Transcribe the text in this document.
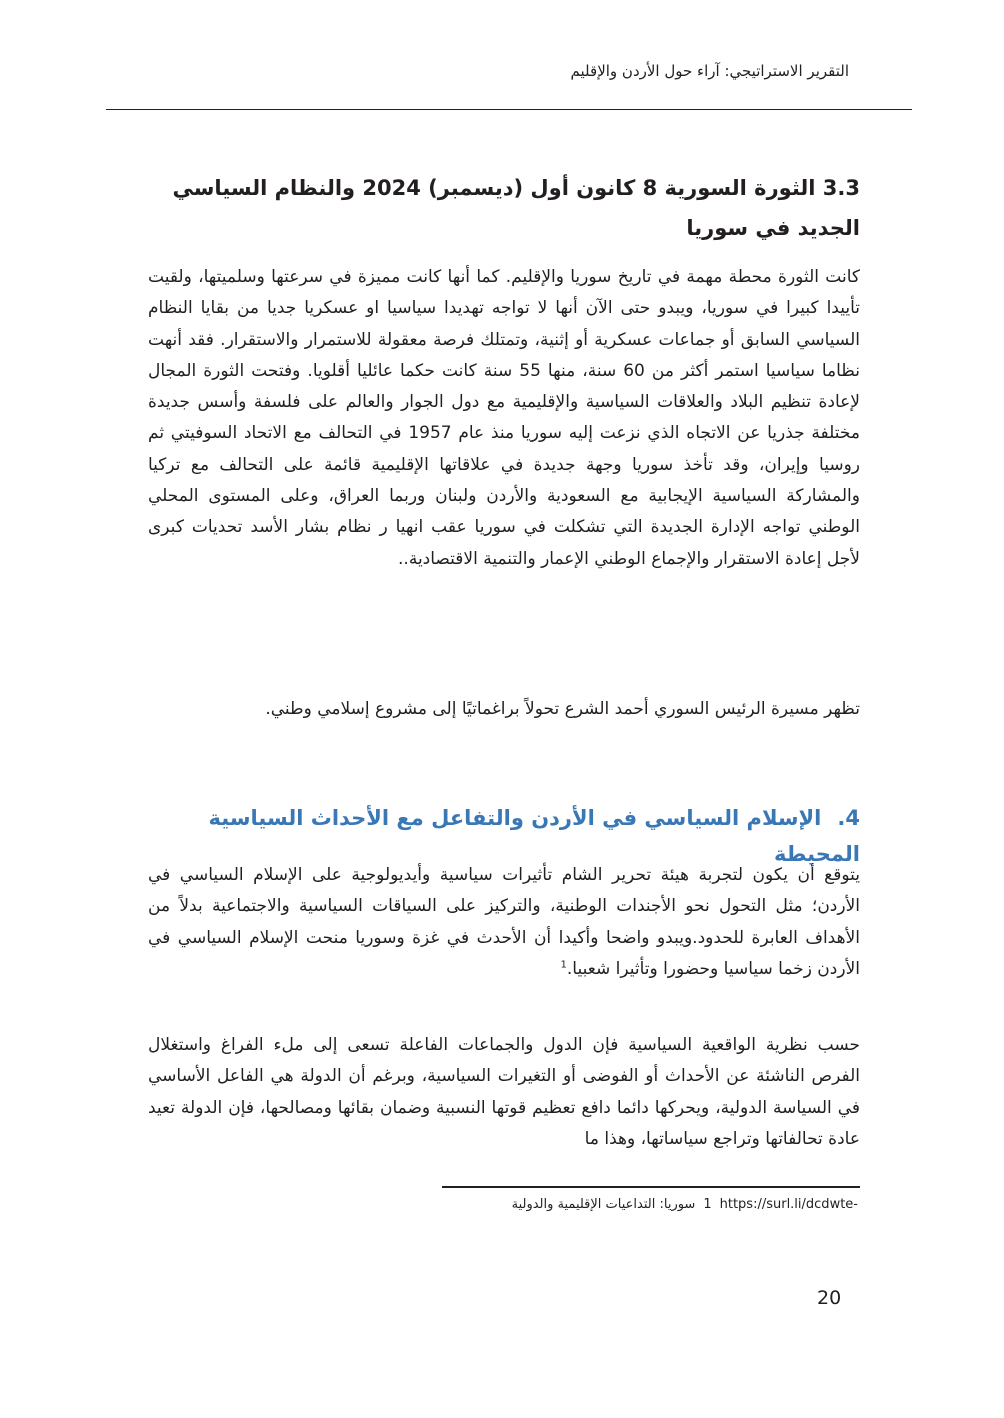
التقرير الاستراتيجي: آراء حول الأردن والإقليم
3.3 الثورة السورية 8 كانون أول (ديسمبر) 2024 والنظام السياسي الجديد في سوريا

كانت الثورة محطة مهمة في تاريخ سوريا والإقليم. كما أنها كانت مميزة في سرعتها وسلميتها، ولقيت تأييدا كبيرا في سوريا، ويبدو حتى الآن أنها لا تواجه تهديدا سياسيا او عسكريا جديا من بقايا النظام السياسي السابق أو جماعات عسكرية أو إثنية، وتمتلك فرصة معقولة للاستمرار والاستقرار. فقد أنهت نظاما سياسيا استمر أكثر من 60 سنة، منها 55 سنة كانت حكما عائليا أقلويا. وفتحت الثورة المجال لإعادة تنظيم البلاد والعلاقات السياسية والإقليمية مع دول الجوار والعالم على فلسفة وأسس جديدة مختلفة جذريا عن الاتجاه الذي نزعت إليه سوريا منذ عام 1957 في التحالف مع الاتحاد السوفيتي ثم روسيا وإيران، وقد تأخذ سوريا وجهة جديدة في علاقاتها الإقليمية قائمة على التحالف مع تركيا والمشاركة السياسية الإيجابية مع السعودية والأردن ولبنان وربما العراق، وعلى المستوى المحلي الوطني تواجه الإدارة الجديدة التي تشكلت في سوريا عقب انهيا ر نظام بشار الأسد تحديات كبرى لأجل إعادة الاستقرار والإجماع الوطني الإعمار والتنمية الاقتصادية..

تظهر مسيرة الرئيس السوري أحمد الشرع تحولاً براغماتيًا إلى مشروع إسلامي وطني.

4.الإسلام السياسي في الأردن والتفاعل مع الأحداث السياسية المحيطة

يتوقع أن يكون لتجربة هيئة تحرير الشام تأثيرات سياسية وأيديولوجية على الإسلام السياسي في الأردن؛ مثل التحول نحو الأجندات الوطنية، والتركيز على السياقات السياسية والاجتماعية بدلاً من الأهداف العابرة للحدود.ويبدو واضحا وأكيدا أن الأحدث في غزة وسوريا منحت الإسلام السياسي في الأردن زخما سياسيا وحضورا وتأثيرا شعبيا.$^1$

حسب نظرية الواقعية السياسية فإن الدول والجماعات الفاعلة تسعى إلى ملء الفراغ واستغلال الفرص الناشئة عن الأحداث أو الفوضى أو التغيرات السياسية، وبرغم أن الدولة هي الفاعل الأساسي في السياسة الدولية، ويحركها دائما دافع تعظيم قوتها النسبية وضمان بقائها ومصالحها، فإن الدولة تعيد عادة تحالفاتها وتراجع سياساتها، وهذا ما

-1https://surl.li/dcdwteسوريا: التداعيات الإقليمية والدولية
20
